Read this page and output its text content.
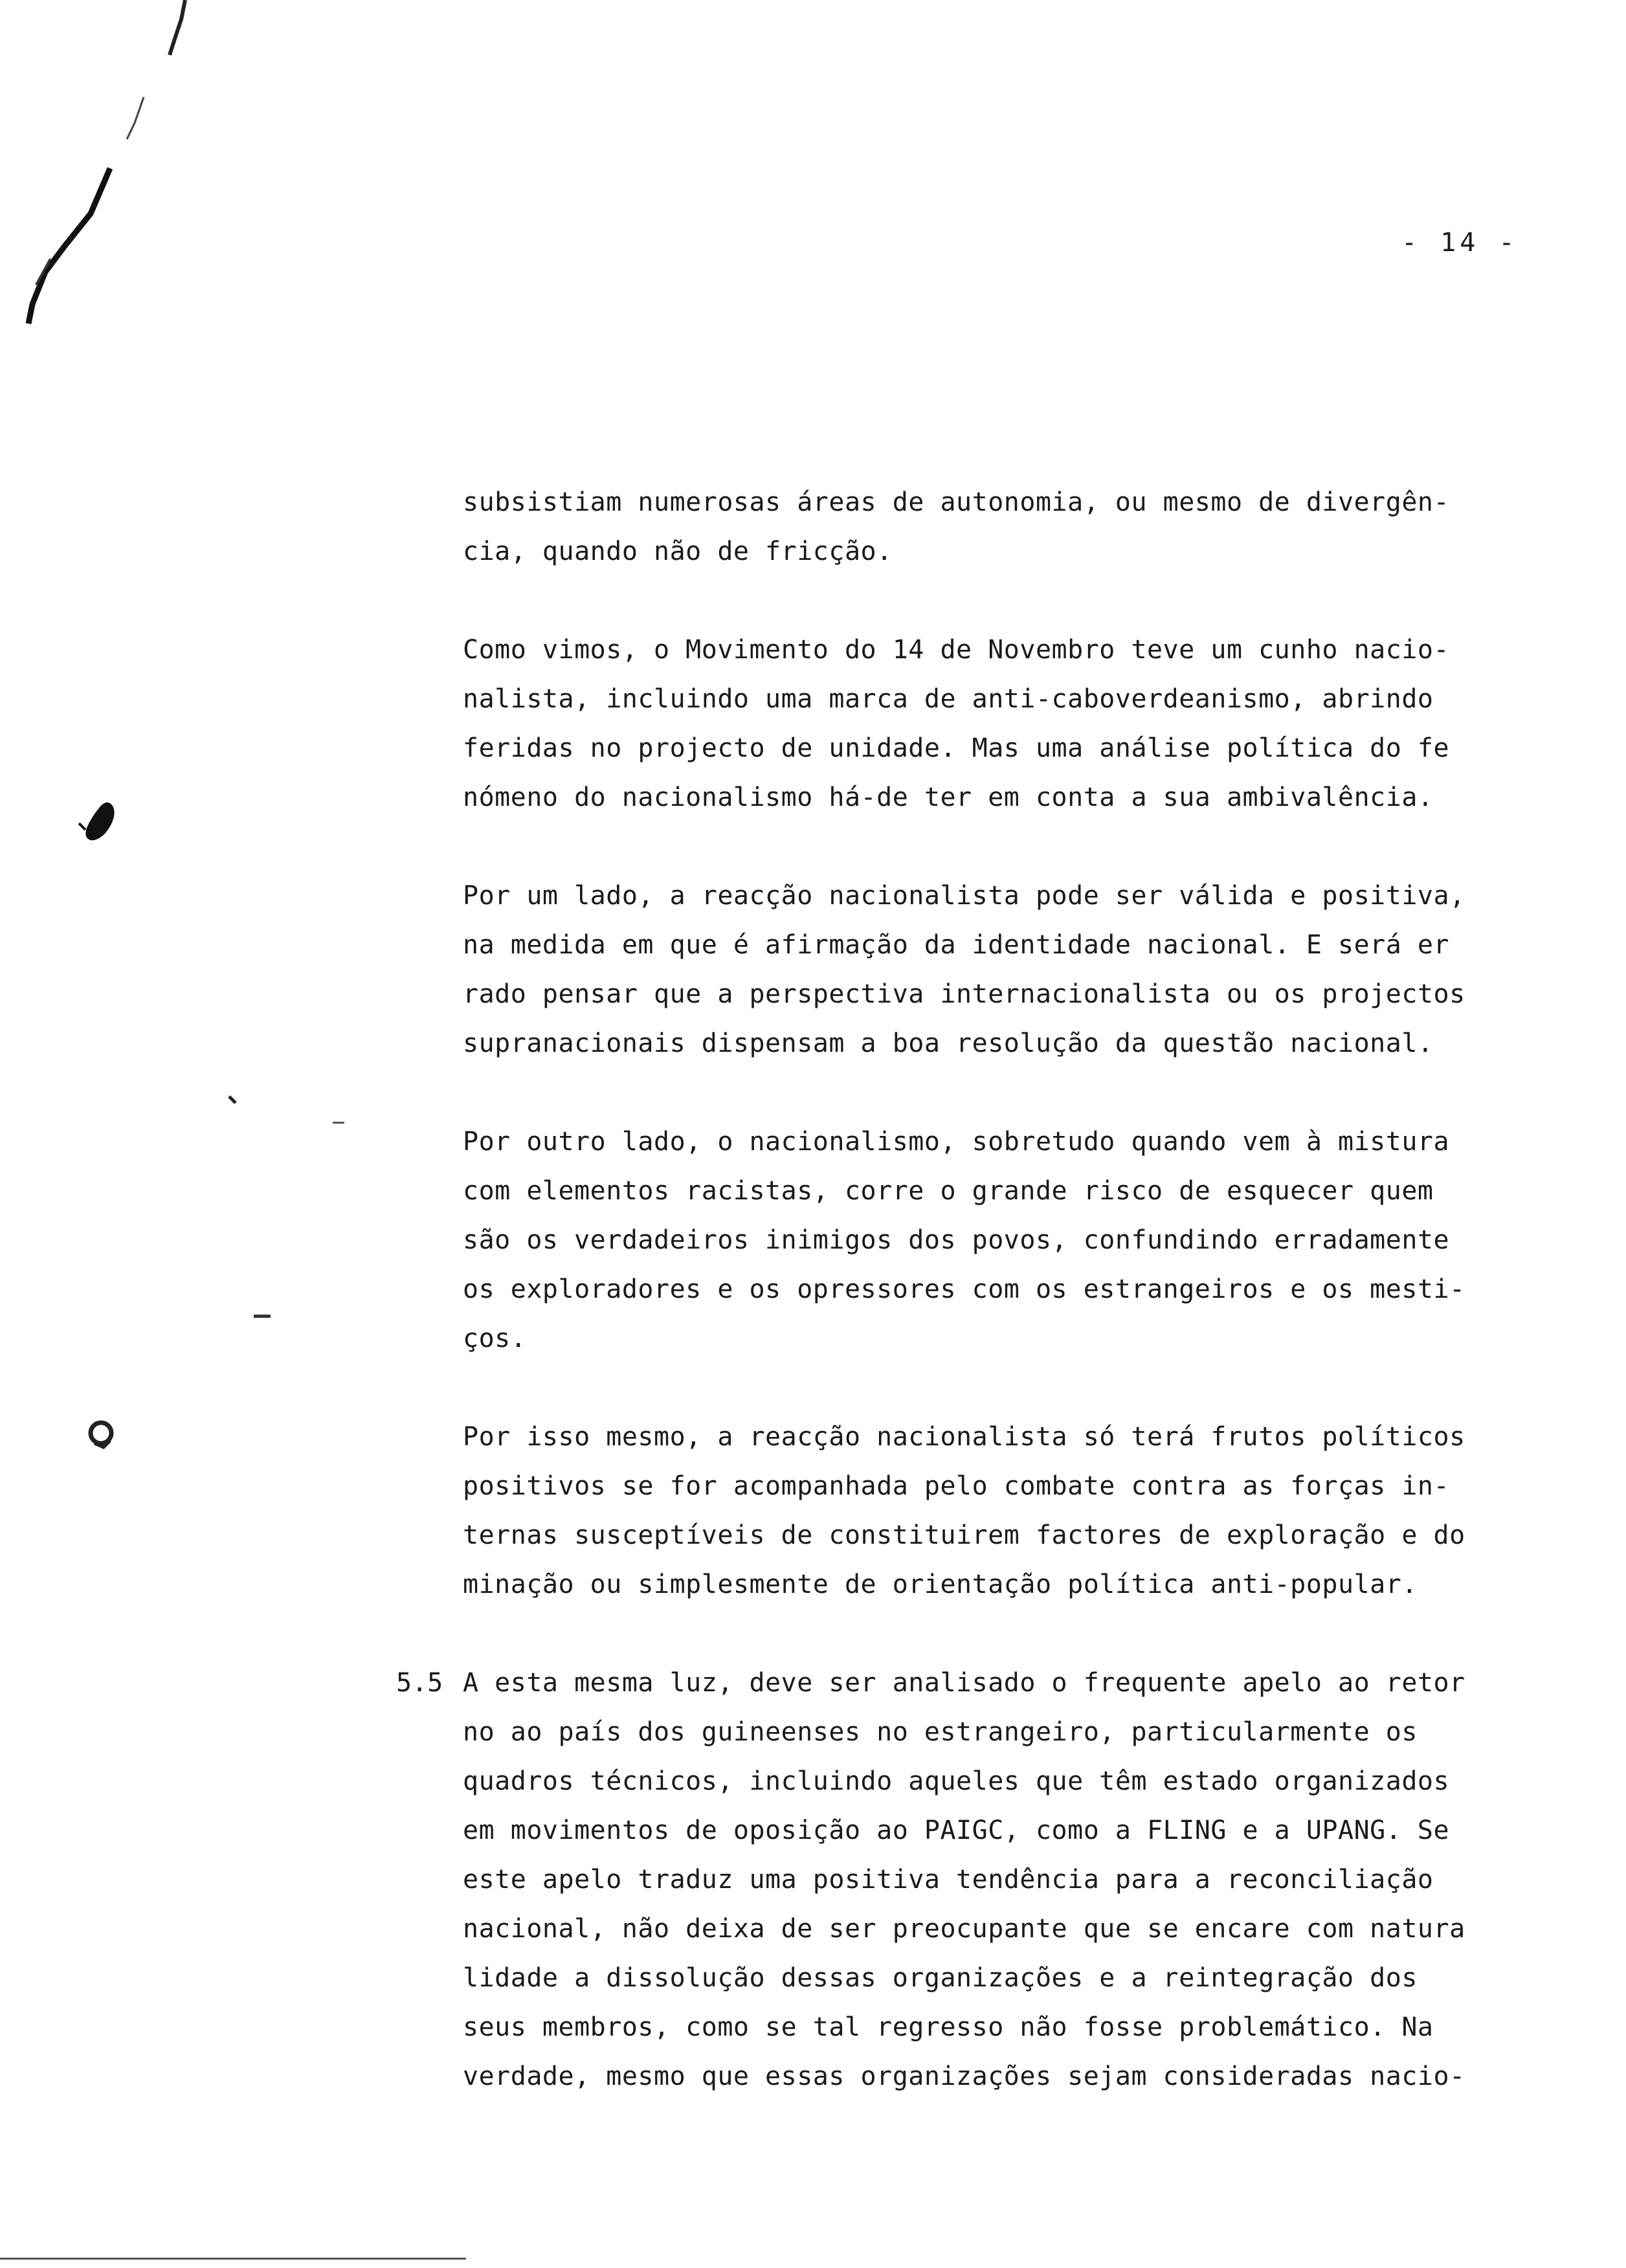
- 14 -
subsistiam numerosas áreas de autonomia, ou mesmo de divergên-
cia, quando não de fricção.
Como vimos, o Movimento do 14 de Novembro teve um cunho nacio-
nalista, incluindo uma marca de anti-caboverdeanismo, abrindo
feridas no projecto de unidade. Mas uma análise política do fe
nómeno do nacionalismo há-de ter em conta a sua ambivalência.
Por um lado, a reacção nacionalista pode ser válida e positiva,
na medida em que é afirmação da identidade nacional. E será er
rado pensar que a perspectiva internacionalista ou os projectos
supranacionais dispensam a boa resolução da questão nacional.
Por outro lado, o nacionalismo, sobretudo quando vem à mistura
com elementos racistas, corre o grande risco de esquecer quem
são os verdadeiros inimigos dos povos, confundindo erradamente
os exploradores e os opressores com os estrangeiros e os mesti-
ços.
Por isso mesmo, a reacção nacionalista só terá frutos políticos
positivos se for acompanhada pelo combate contra as forças in-
ternas susceptíveis de constituirem factores de exploração e do
minação ou simplesmente de orientação política anti-popular.
5.5 A esta mesma luz, deve ser analisado o frequente apelo ao retor
no ao país dos guineenses no estrangeiro, particularmente os
quadros técnicos, incluindo aqueles que têm estado organizados
em movimentos de oposição ao PAIGC, como a FLING e a UPANG. Se
este apelo traduz uma positiva tendência para a reconciliação
nacional, não deixa de ser preocupante que se encare com natura
lidade a dissolução dessas organizações e a reintegração dos
seus membros, como se tal regresso não fosse problemático. Na
verdade, mesmo que essas organizações sejam consideradas nacio-
